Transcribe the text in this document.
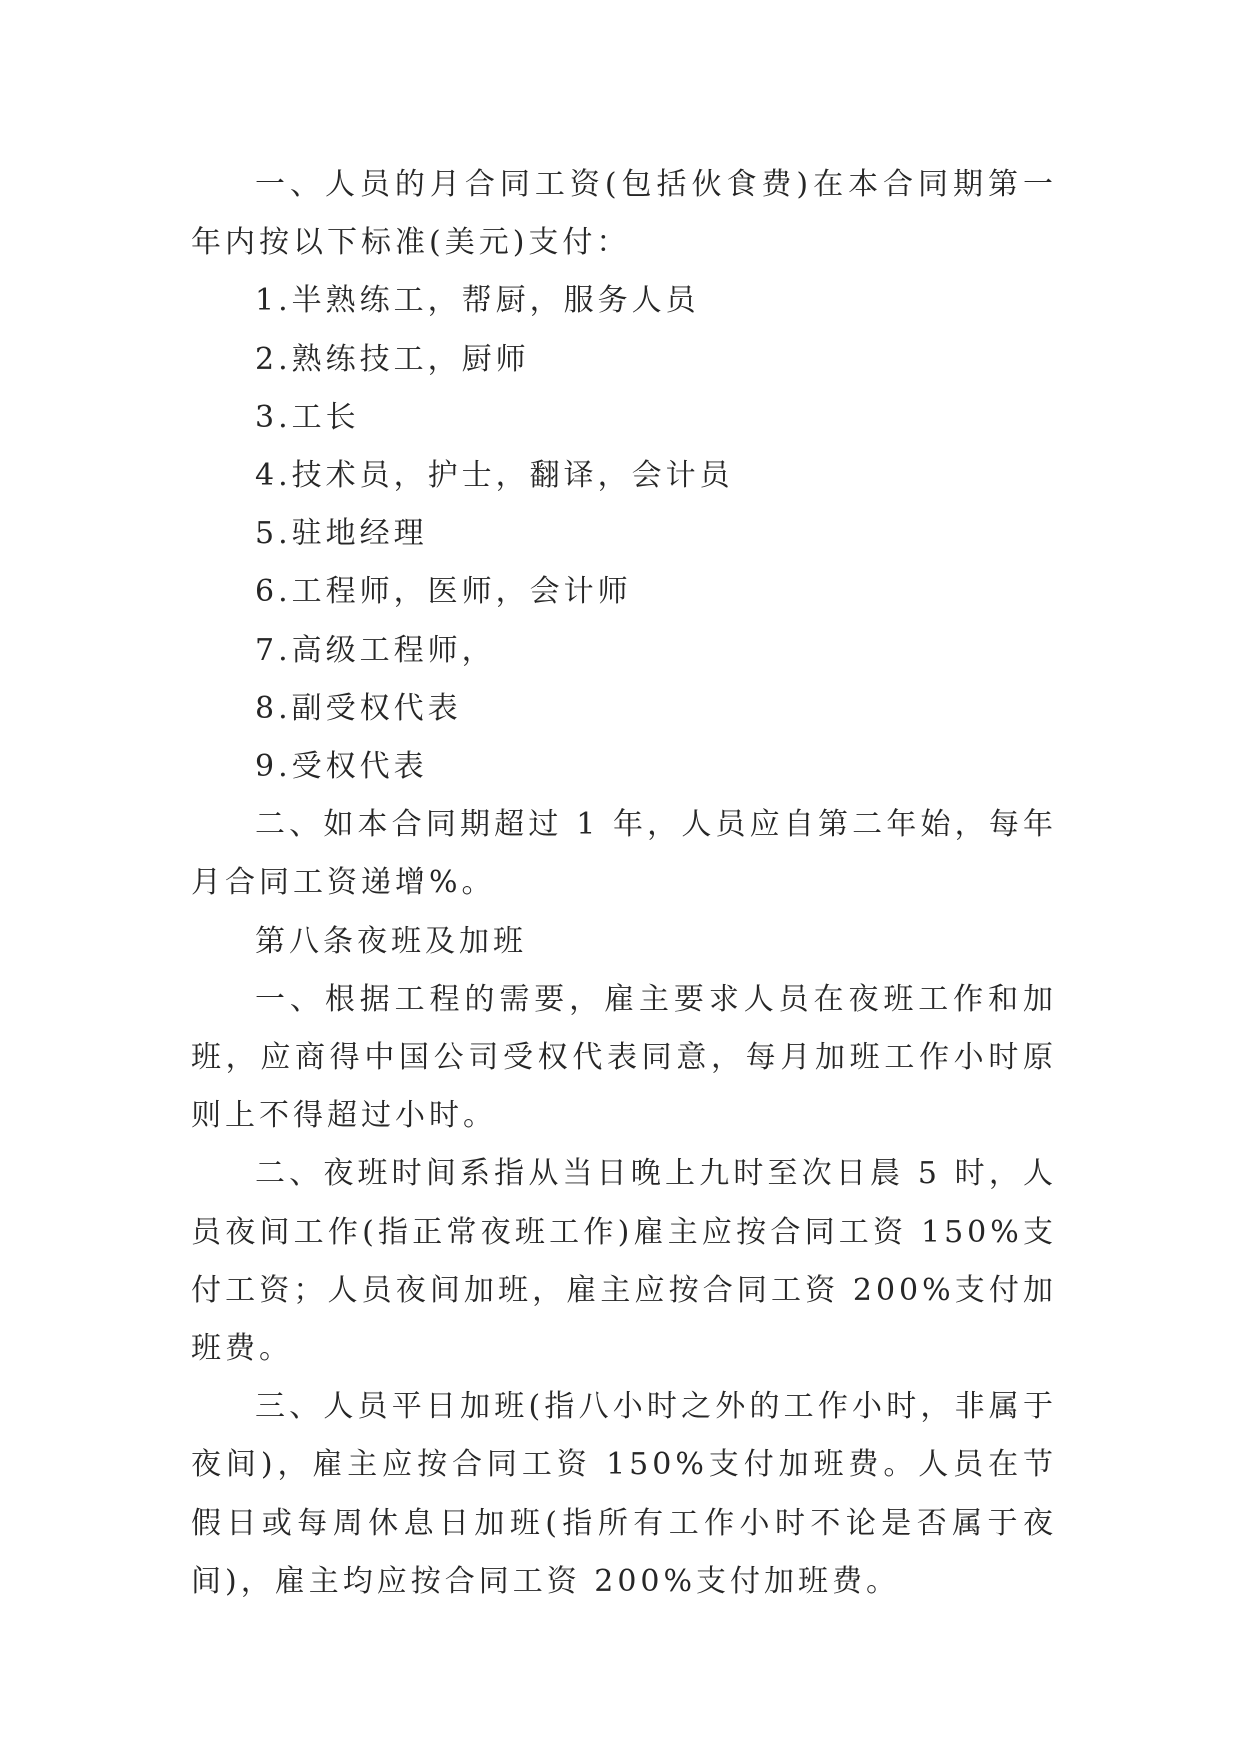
一、人员的月合同工资(包括伙食费)在本合同期第一年内按以下标准(美元)支付：

1.半熟练工，帮厨，服务人员

2.熟练技工，厨师

3.工长

4.技术员，护士，翻译，会计员

5.驻地经理

6.工程师，医师，会计师

7.高级工程师，

8.副受权代表

9.受权代表

二、如本合同期超过 1 年，人员应自第二年始，每年月合同工资递增%。

第八条夜班及加班

一、根据工程的需要，雇主要求人员在夜班工作和加班，应商得中国公司受权代表同意，每月加班工作小时原则上不得超过小时。

二、夜班时间系指从当日晚上九时至次日晨 5 时，人员夜间工作(指正常夜班工作)雇主应按合同工资 150%支付工资；人员夜间加班，雇主应按合同工资 200%支付加班费。

三、人员平日加班(指八小时之外的工作小时，非属于夜间)，雇主应按合同工资 150%支付加班费。人员在节假日或每周休息日加班(指所有工作小时不论是否属于夜间)，雇主均应按合同工资 200%支付加班费。
